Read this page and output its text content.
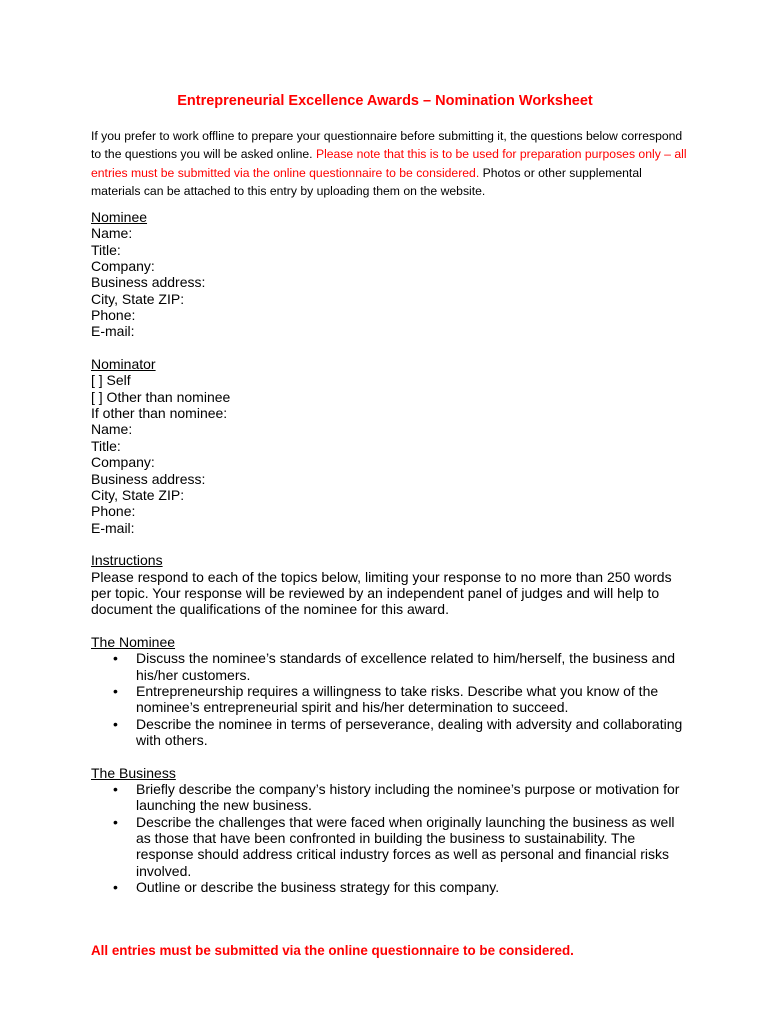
Entrepreneurial Excellence Awards – Nomination Worksheet
If you prefer to work offline to prepare your questionnaire before submitting it, the questions below correspond to the questions you will be asked online. Please note that this is to be used for preparation purposes only – all entries must be submitted via the online questionnaire to be considered. Photos or other supplemental materials can be attached to this entry by uploading them on the website.
Nominee
Name:
Title:
Company:
Business address:
City, State ZIP:
Phone:
E-mail:
Nominator
[ ] Self
[ ] Other than nominee
If other than nominee:
Name:
Title:
Company:
Business address:
City, State ZIP:
Phone:
E-mail:
Instructions
Please respond to each of the topics below, limiting your response to no more than 250 words per topic. Your response will be reviewed by an independent panel of judges and will help to document the qualifications of the nominee for this award.
The Nominee
• Discuss the nominee’s standards of excellence related to him/herself, the business and his/her customers.
• Entrepreneurship requires a willingness to take risks. Describe what you know of the nominee’s entrepreneurial spirit and his/her determination to succeed.
• Describe the nominee in terms of perseverance, dealing with adversity and collaborating with others.
The Business
• Briefly describe the company’s history including the nominee’s purpose or motivation for launching the new business.
• Describe the challenges that were faced when originally launching the business as well as those that have been confronted in building the business to sustainability. The response should address critical industry forces as well as personal and financial risks involved.
• Outline or describe the business strategy for this company.
All entries must be submitted via the online questionnaire to be considered.
